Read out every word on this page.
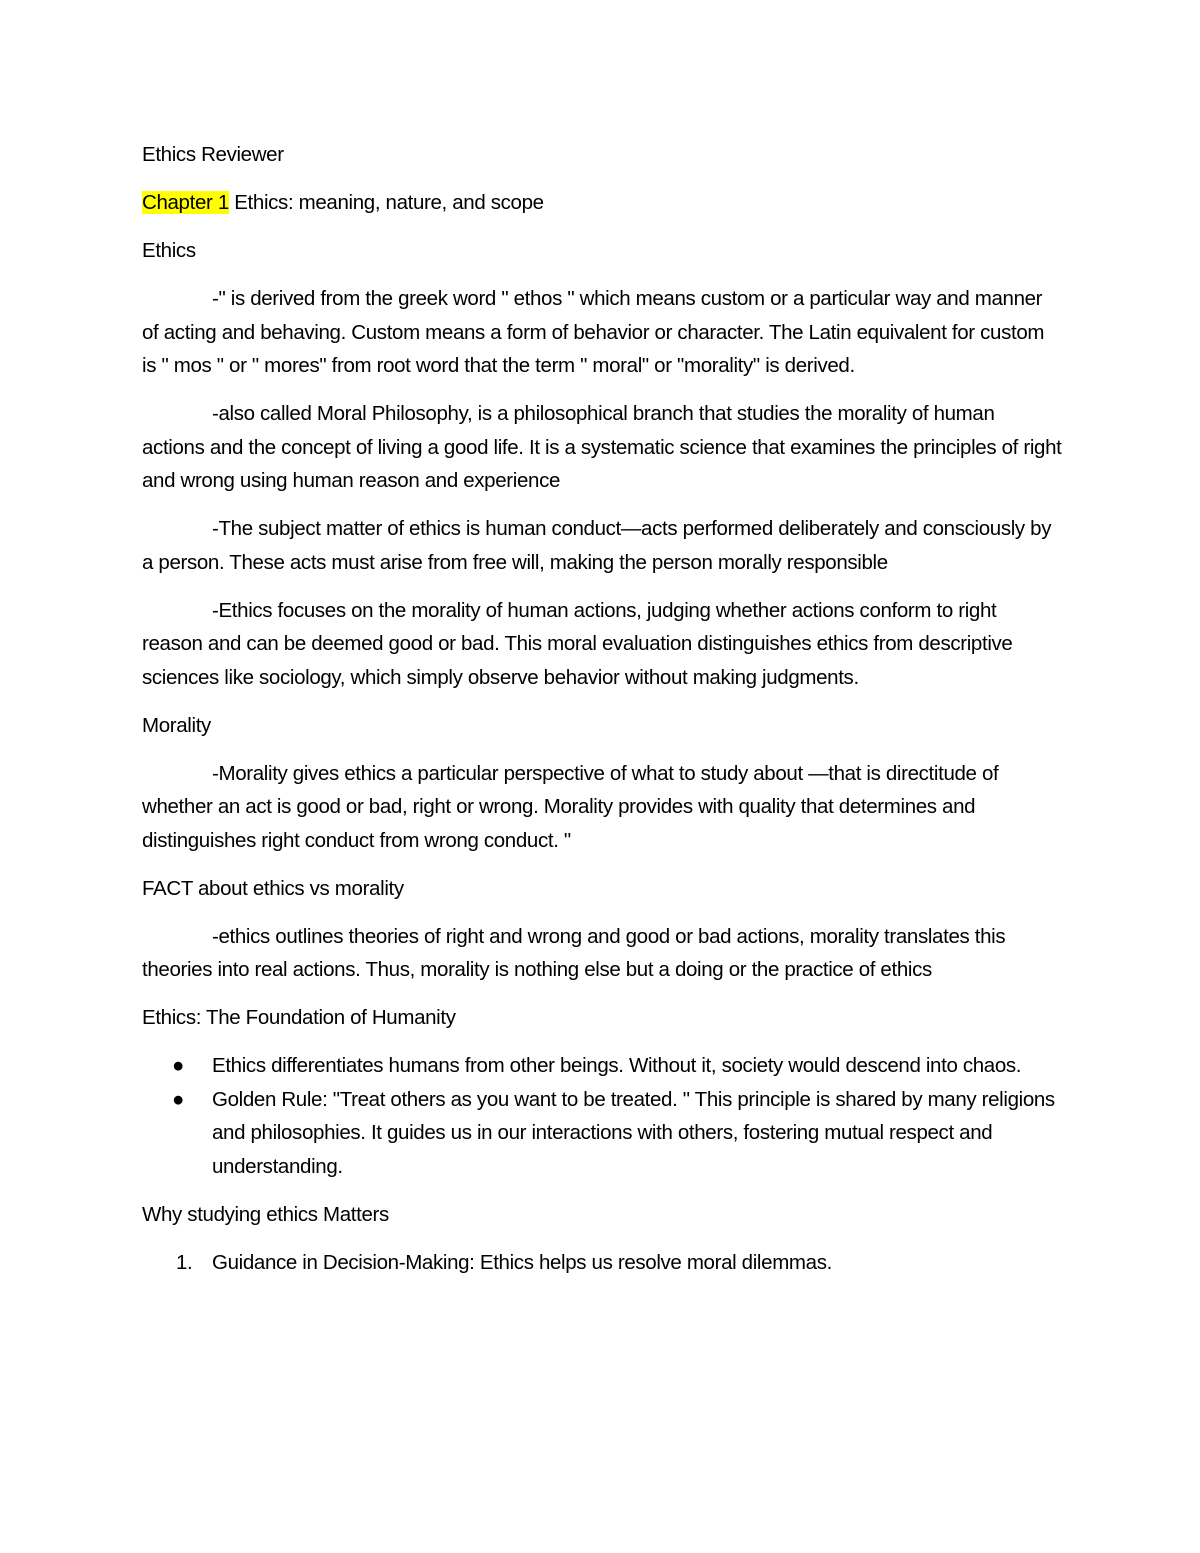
Ethics Reviewer

Chapter 1 Ethics: meaning, nature, and scope

Ethics

-" is derived from the greek word " ethos " which means custom or a particular way and manner of acting and behaving. Custom means a form of behavior or character. The Latin equivalent for custom is " mos " or " mores" from root word that the term " moral" or "morality" is derived.

-also called Moral Philosophy, is a philosophical branch that studies the morality of human actions and the concept of living a good life. It is a systematic science that examines the principles of right and wrong using human reason and experience

-The subject matter of ethics is human conduct—acts performed deliberately and consciously by a person. These acts must arise from free will, making the person morally responsible

-Ethics focuses on the morality of human actions, judging whether actions conform to right reason and can be deemed good or bad. This moral evaluation distinguishes ethics from descriptive sciences like sociology, which simply observe behavior without making judgments.

Morality

-Morality gives ethics a particular perspective of what to study about —that is directitude of whether an act is good or bad, right or wrong. Morality provides with quality that determines and distinguishes right conduct from wrong conduct. "

FACT about ethics vs morality

-ethics outlines theories of right and wrong and good or bad actions, morality translates this theories into real actions. Thus, morality is nothing else but a doing or the practice of ethics

Ethics: The Foundation of Humanity

● Ethics differentiates humans from other beings. Without it, society would descend into chaos.
● Golden Rule: "Treat others as you want to be treated. " This principle is shared by many religions and philosophies. It guides us in our interactions with others, fostering mutual respect and understanding.

Why studying ethics Matters

1. Guidance in Decision-Making: Ethics helps us resolve moral dilemmas.
